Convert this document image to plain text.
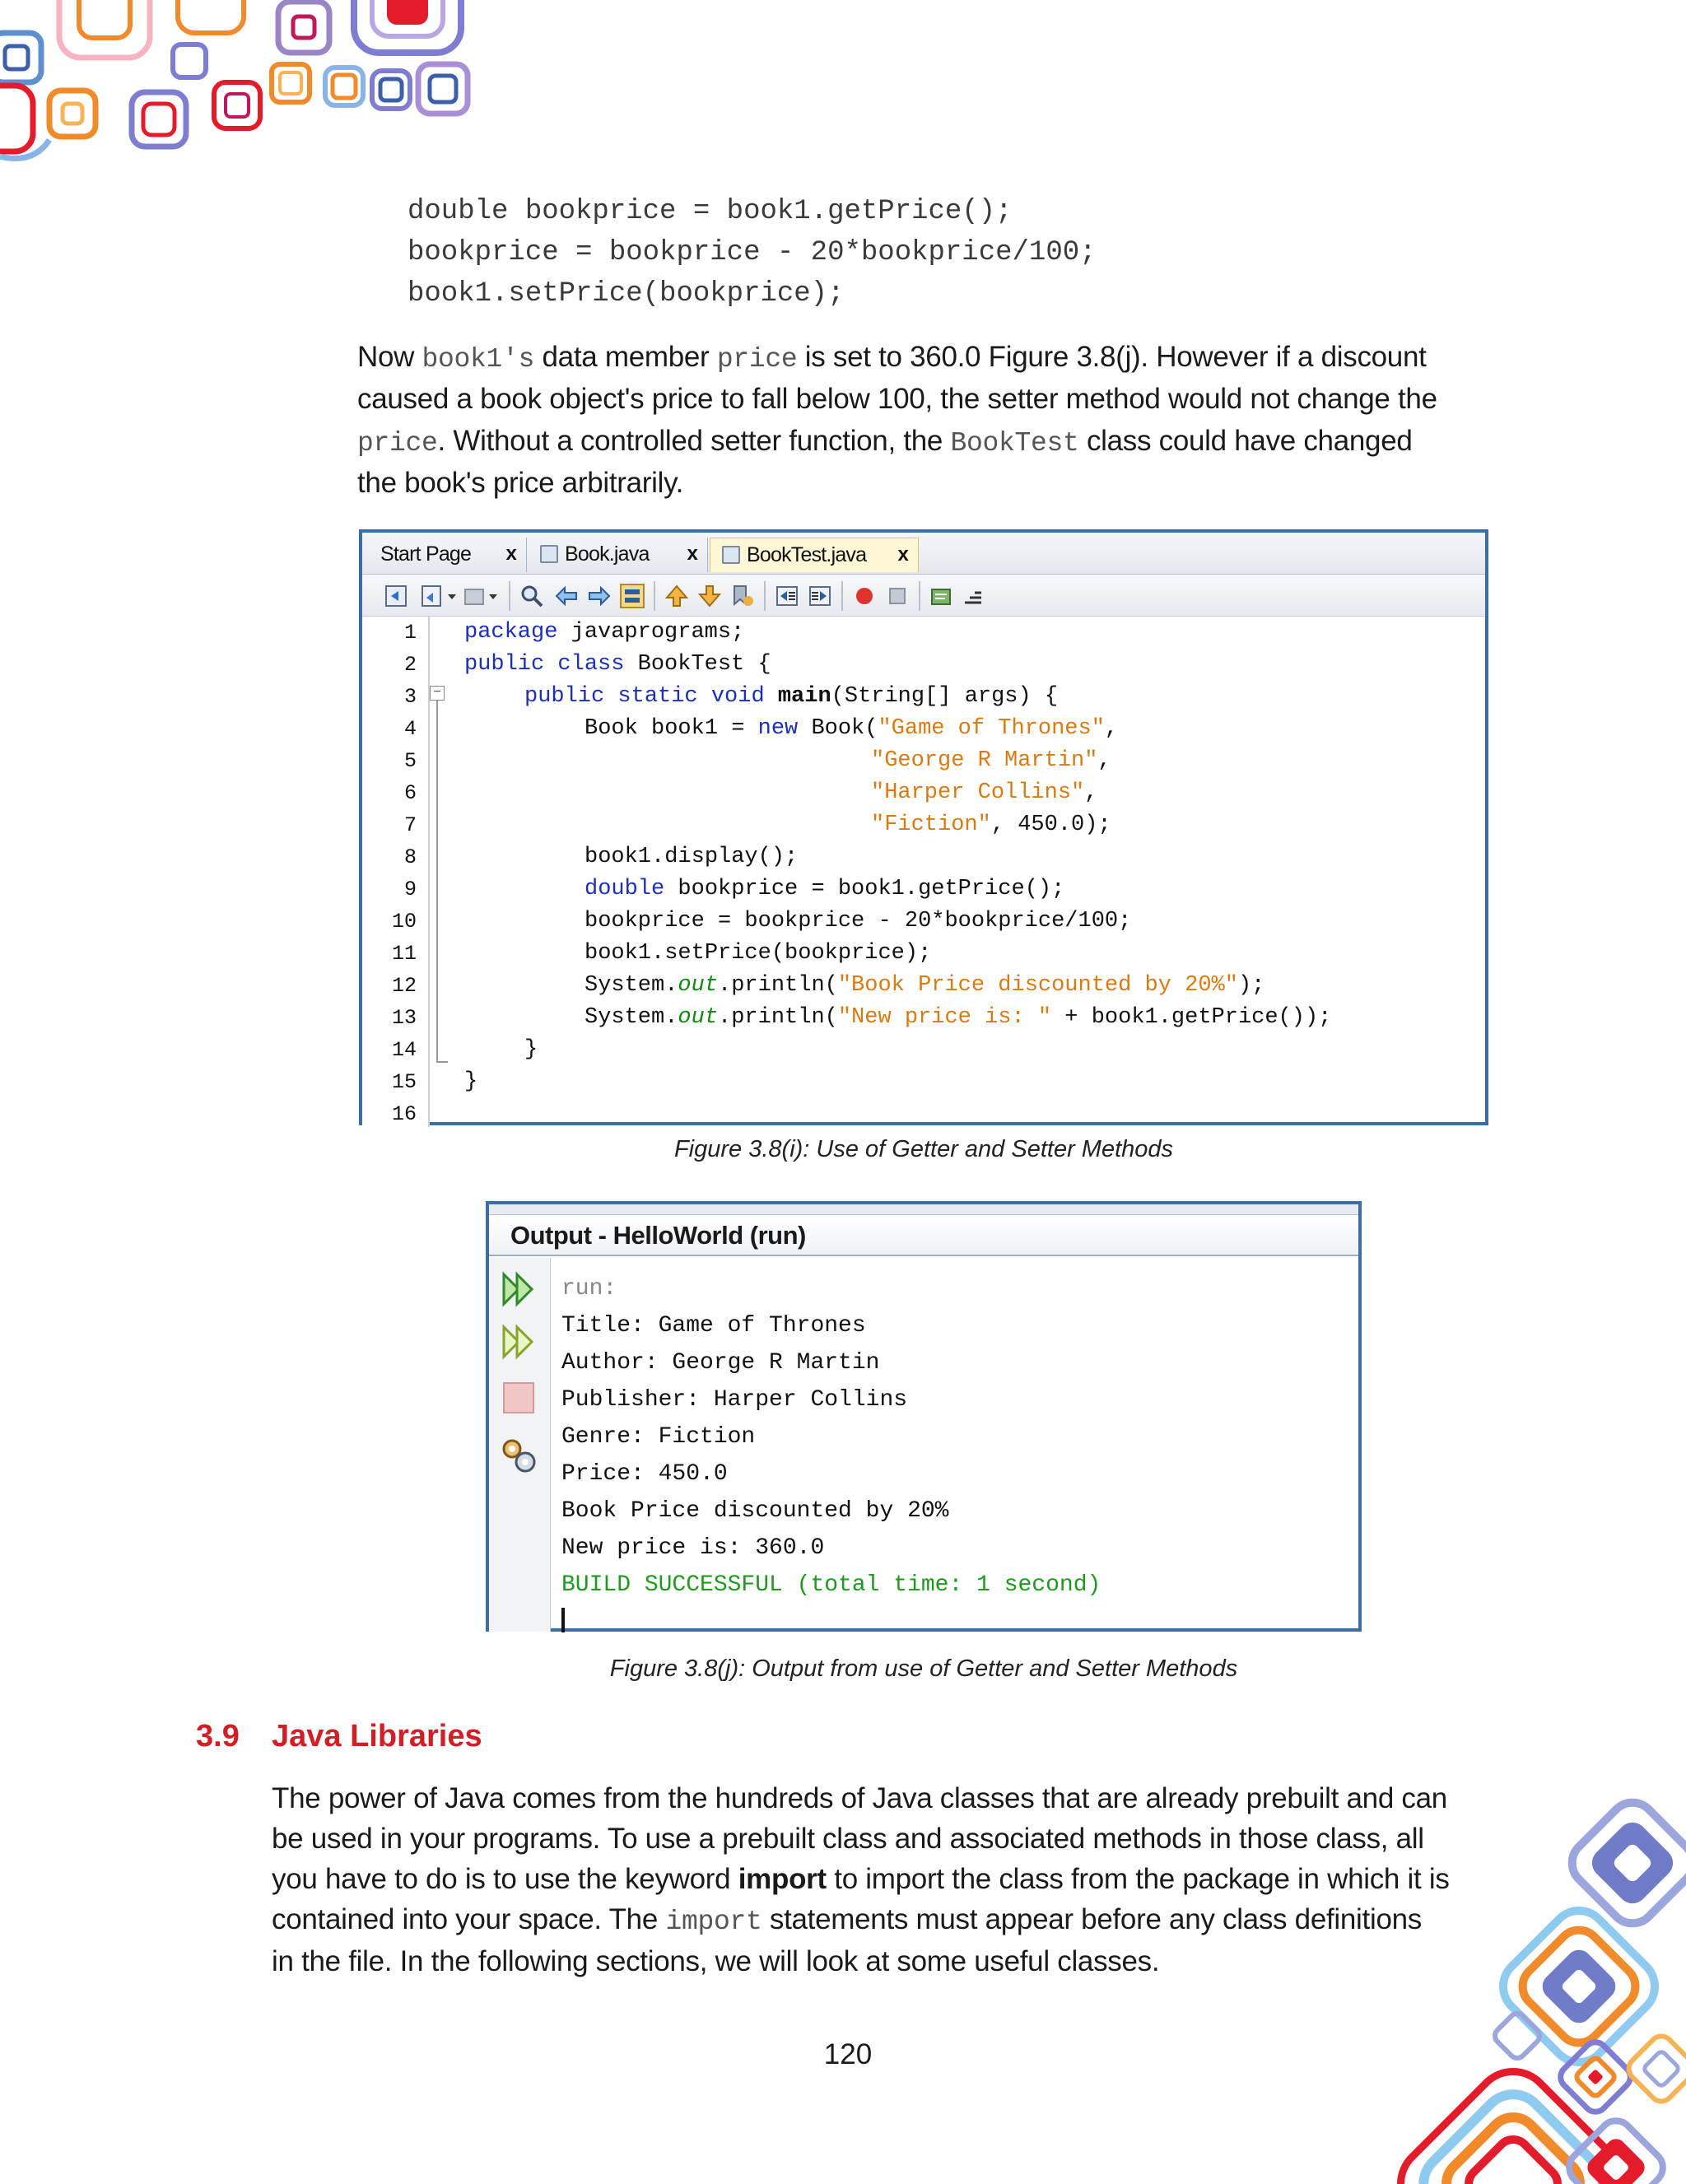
double bookprice = book1.getPrice();
bookprice = bookprice - 20*bookprice/100;
book1.setPrice(bookprice);
Now book1's data member price is set to 360.0 Figure 3.8(j). However if a discount
caused a book object's price to fall below 100, the setter method would not change the
price. Without a controlled setter function, the BookTest class could have changed
the book's price arbitrarily.
Start Page x	Book.java x	BookTest.java x
1
2
3
4
5
6
7
8
9
10
11
12
13
14
15
16
−
package javaprograms;
public class BookTest {
public static void main(String[] args) {
Book book1 = new Book("Game of Thrones",
"George R Martin",
"Harper Collins",
"Fiction", 450.0);
book1.display();
double bookprice = book1.getPrice();
bookprice = bookprice - 20*bookprice/100;
book1.setPrice(bookprice);
System.out.println("Book Price discounted by 20%");
System.out.println("New price is: " + book1.getPrice());
}
}
Figure 3.8(i): Use of Getter and Setter Methods
Output - HelloWorld (run)
run:
Title: Game of Thrones
Author: George R Martin
Publisher: Harper Collins
Genre: Fiction
Price: 450.0
Book Price discounted by 20%
New price is: 360.0
BUILD SUCCESSFUL (total time: 1 second)
Figure 3.8(j): Output from use of Getter and Setter Methods
3.9 Java Libraries
The power of Java comes from the hundreds of Java classes that are already prebuilt and can
be used in your programs. To use a prebuilt class and associated methods in those class, all
you have to do is to use the keyword import to import the class from the package in which it is
contained into your space. The import statements must appear before any class definitions
in the file. In the following sections, we will look at some useful classes.
120
